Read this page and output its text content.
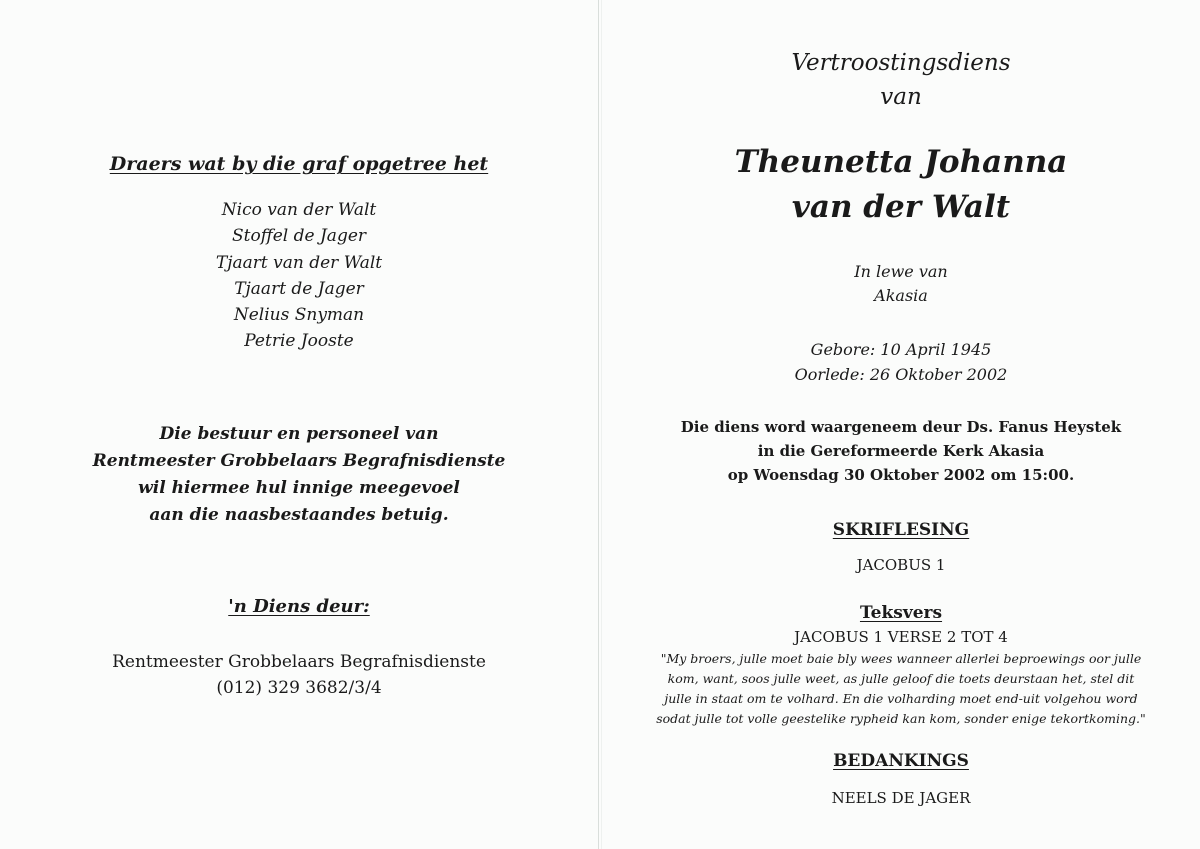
Draers wat by die graf opgetree het
Nico van der Walt
Stoffel de Jager
Tjaart van der Walt
Tjaart de Jager
Nelius Snyman
Petrie Jooste
Die bestuur en personeel van
Rentmeester Grobbelaars Begrafnisdienste
wil hiermee hul innige meegevoel
aan die naasbestaandes betuig.
'n Diens deur:
Rentmeester Grobbelaars Begrafnisdienste
(012) 329 3682/3/4
Vertroostingsdiens
van
Theunetta Johanna
van der Walt
In lewe van
Akasia
Gebore: 10 April 1945
Oorlede: 26 Oktober 2002
Die diens word waargeneem deur Ds. Fanus Heystek
in die Gereformeerde Kerk Akasia
op Woensdag 30 Oktober 2002 om 15:00.
SKRIFLESING
JACOBUS 1
Teksvers
JACOBUS 1 VERSE 2 TOT 4
"My broers, julle moet baie bly wees wanneer allerlei beproewings oor julle
kom, want, soos julle weet, as julle geloof die toets deurstaan het, stel dit
julle in staat om te volhard. En die volharding moet end-uit volgehou word
sodat julle tot volle geestelike rypheid kan kom, sonder enige tekortkoming."
BEDANKINGS
NEELS DE JAGER
